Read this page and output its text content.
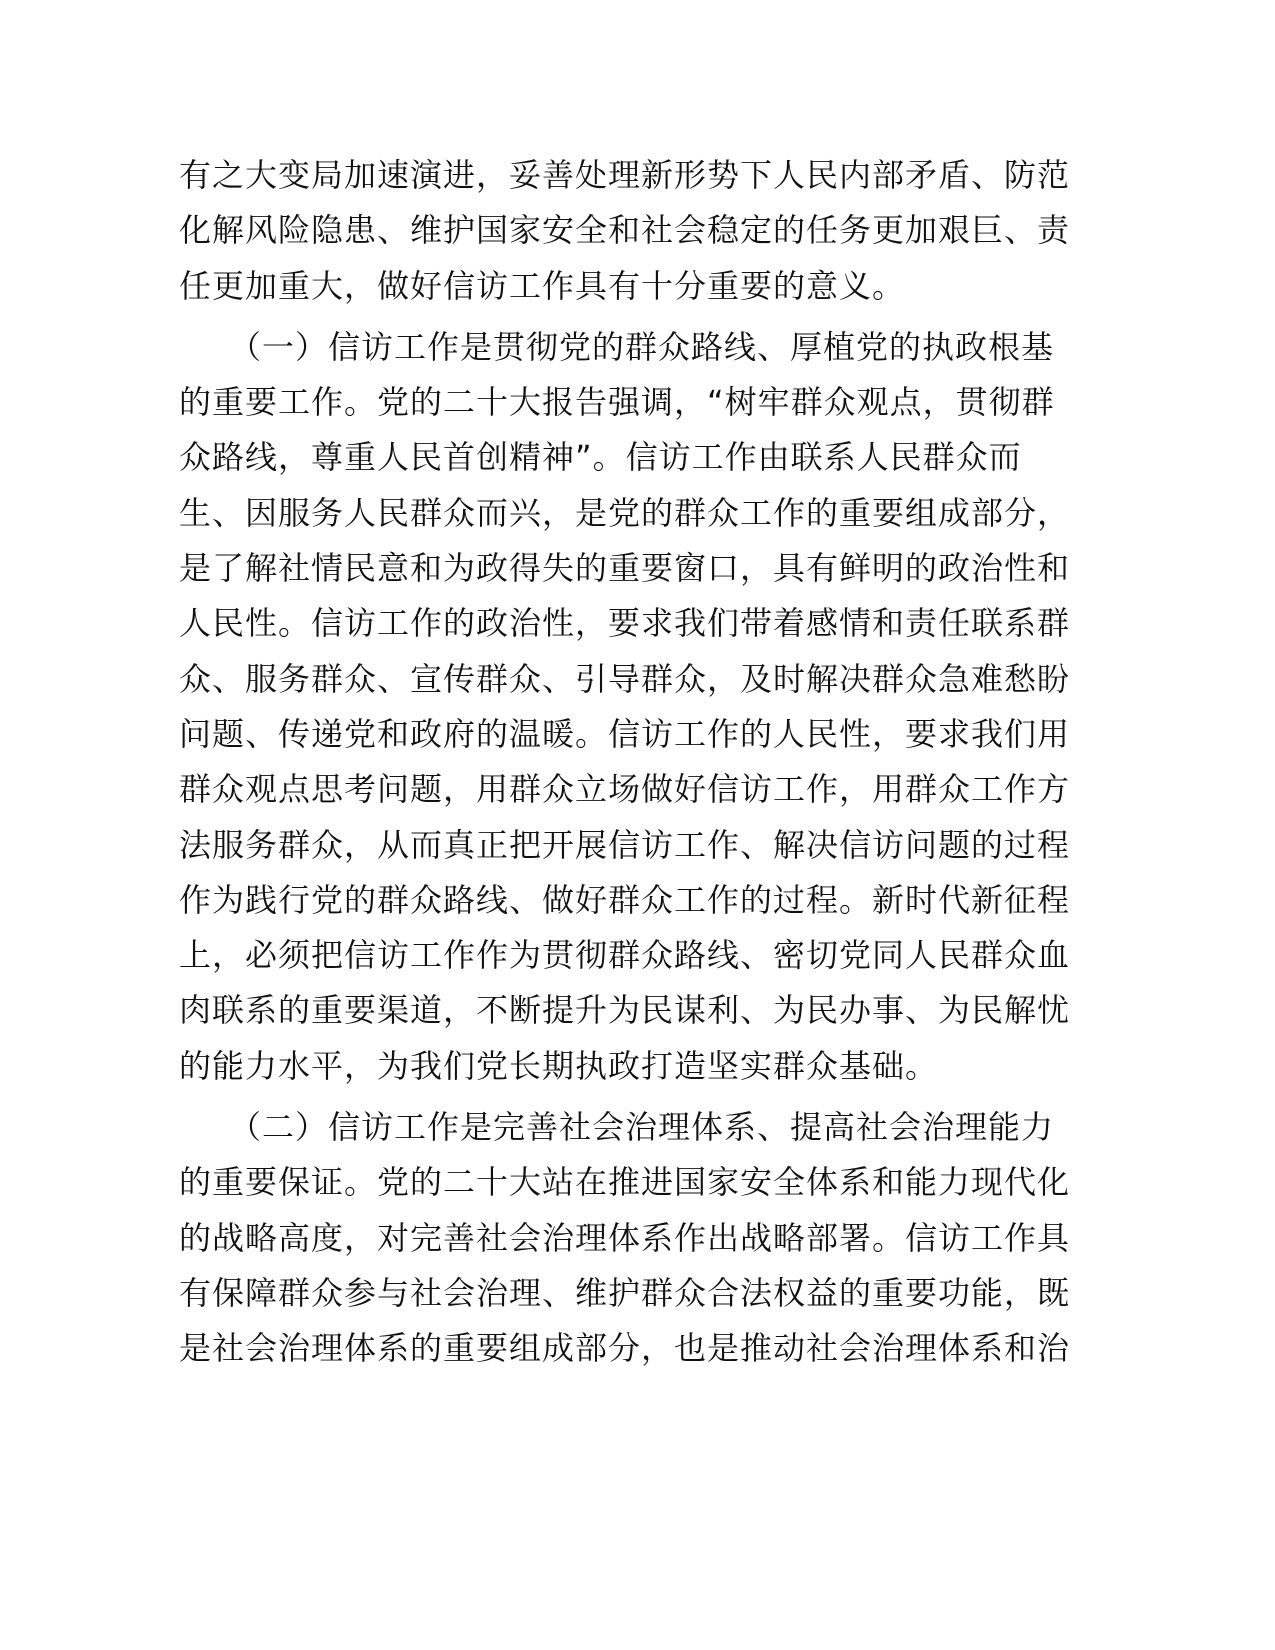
有之大变局加速演进，妥善处理新形势下人民内部矛盾、防范
化解风险隐患、维护国家安全和社会稳定的任务更加艰巨、责
任更加重大，做好信访工作具有十分重要的意义。
　　（一）信访工作是贯彻党的群众路线、厚植党的执政根基
的重要工作。党的二十大报告强调，“树牢群众观点，贯彻群
众路线，尊重人民首创精神”。信访工作由联系人民群众而
生、因服务人民群众而兴，是党的群众工作的重要组成部分，
是了解社情民意和为政得失的重要窗口，具有鲜明的政治性和
人民性。信访工作的政治性，要求我们带着感情和责任联系群
众、服务群众、宣传群众、引导群众，及时解决群众急难愁盼
问题、传递党和政府的温暖。信访工作的人民性，要求我们用
群众观点思考问题，用群众立场做好信访工作，用群众工作方
法服务群众，从而真正把开展信访工作、解决信访问题的过程
作为践行党的群众路线、做好群众工作的过程。新时代新征程
上，必须把信访工作作为贯彻群众路线、密切党同人民群众血
肉联系的重要渠道，不断提升为民谋利、为民办事、为民解忧
的能力水平，为我们党长期执政打造坚实群众基础。
　　（二）信访工作是完善社会治理体系、提高社会治理能力
的重要保证。党的二十大站在推进国家安全体系和能力现代化
的战略高度，对完善社会治理体系作出战略部署。信访工作具
有保障群众参与社会治理、维护群众合法权益的重要功能，既
是社会治理体系的重要组成部分，也是推动社会治理体系和治
